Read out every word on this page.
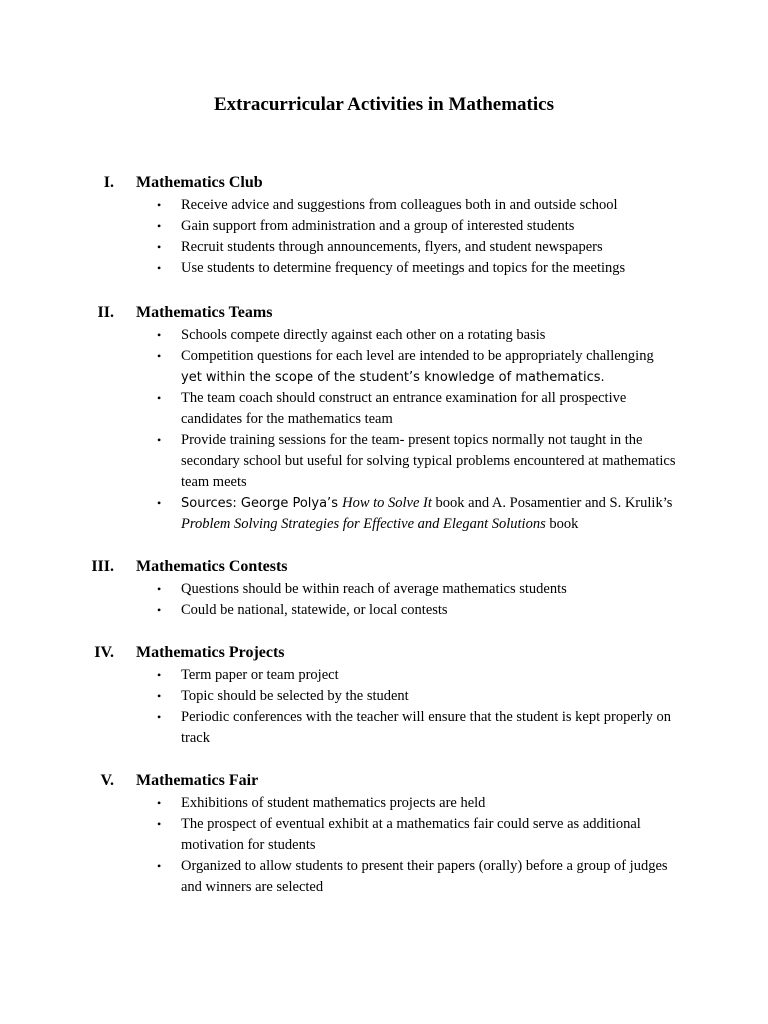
Extracurricular Activities in Mathematics
I. Mathematics Club
• Receive advice and suggestions from colleagues both in and outside school
• Gain support from administration and a group of interested students
• Recruit students through announcements, flyers, and student newspapers
• Use students to determine frequency of meetings and topics for the meetings
II. Mathematics Teams
• Schools compete directly against each other on a rotating basis
• Competition questions for each level are intended to be appropriately challenging
yet within the scope of the student’s knowledge of mathematics.
• The team coach should construct an entrance examination for all prospective candidates for the mathematics team
• Provide training sessions for the team- present topics normally not taught in the secondary school but useful for solving typical problems encountered at mathematics team meets
• Sources: George Polya’s How to Solve It book and A. Posamentier and S. Krulik’s Problem Solving Strategies for Effective and Elegant Solutions book
III. Mathematics Contests
• Questions should be within reach of average mathematics students
• Could be national, statewide, or local contests
IV. Mathematics Projects
• Term paper or team project
• Topic should be selected by the student
• Periodic conferences with the teacher will ensure that the student is kept properly on track
V. Mathematics Fair
• Exhibitions of student mathematics projects are held
• The prospect of eventual exhibit at a mathematics fair could serve as additional motivation for students
• Organized to allow students to present their papers (orally) before a group of judges and winners are selected
